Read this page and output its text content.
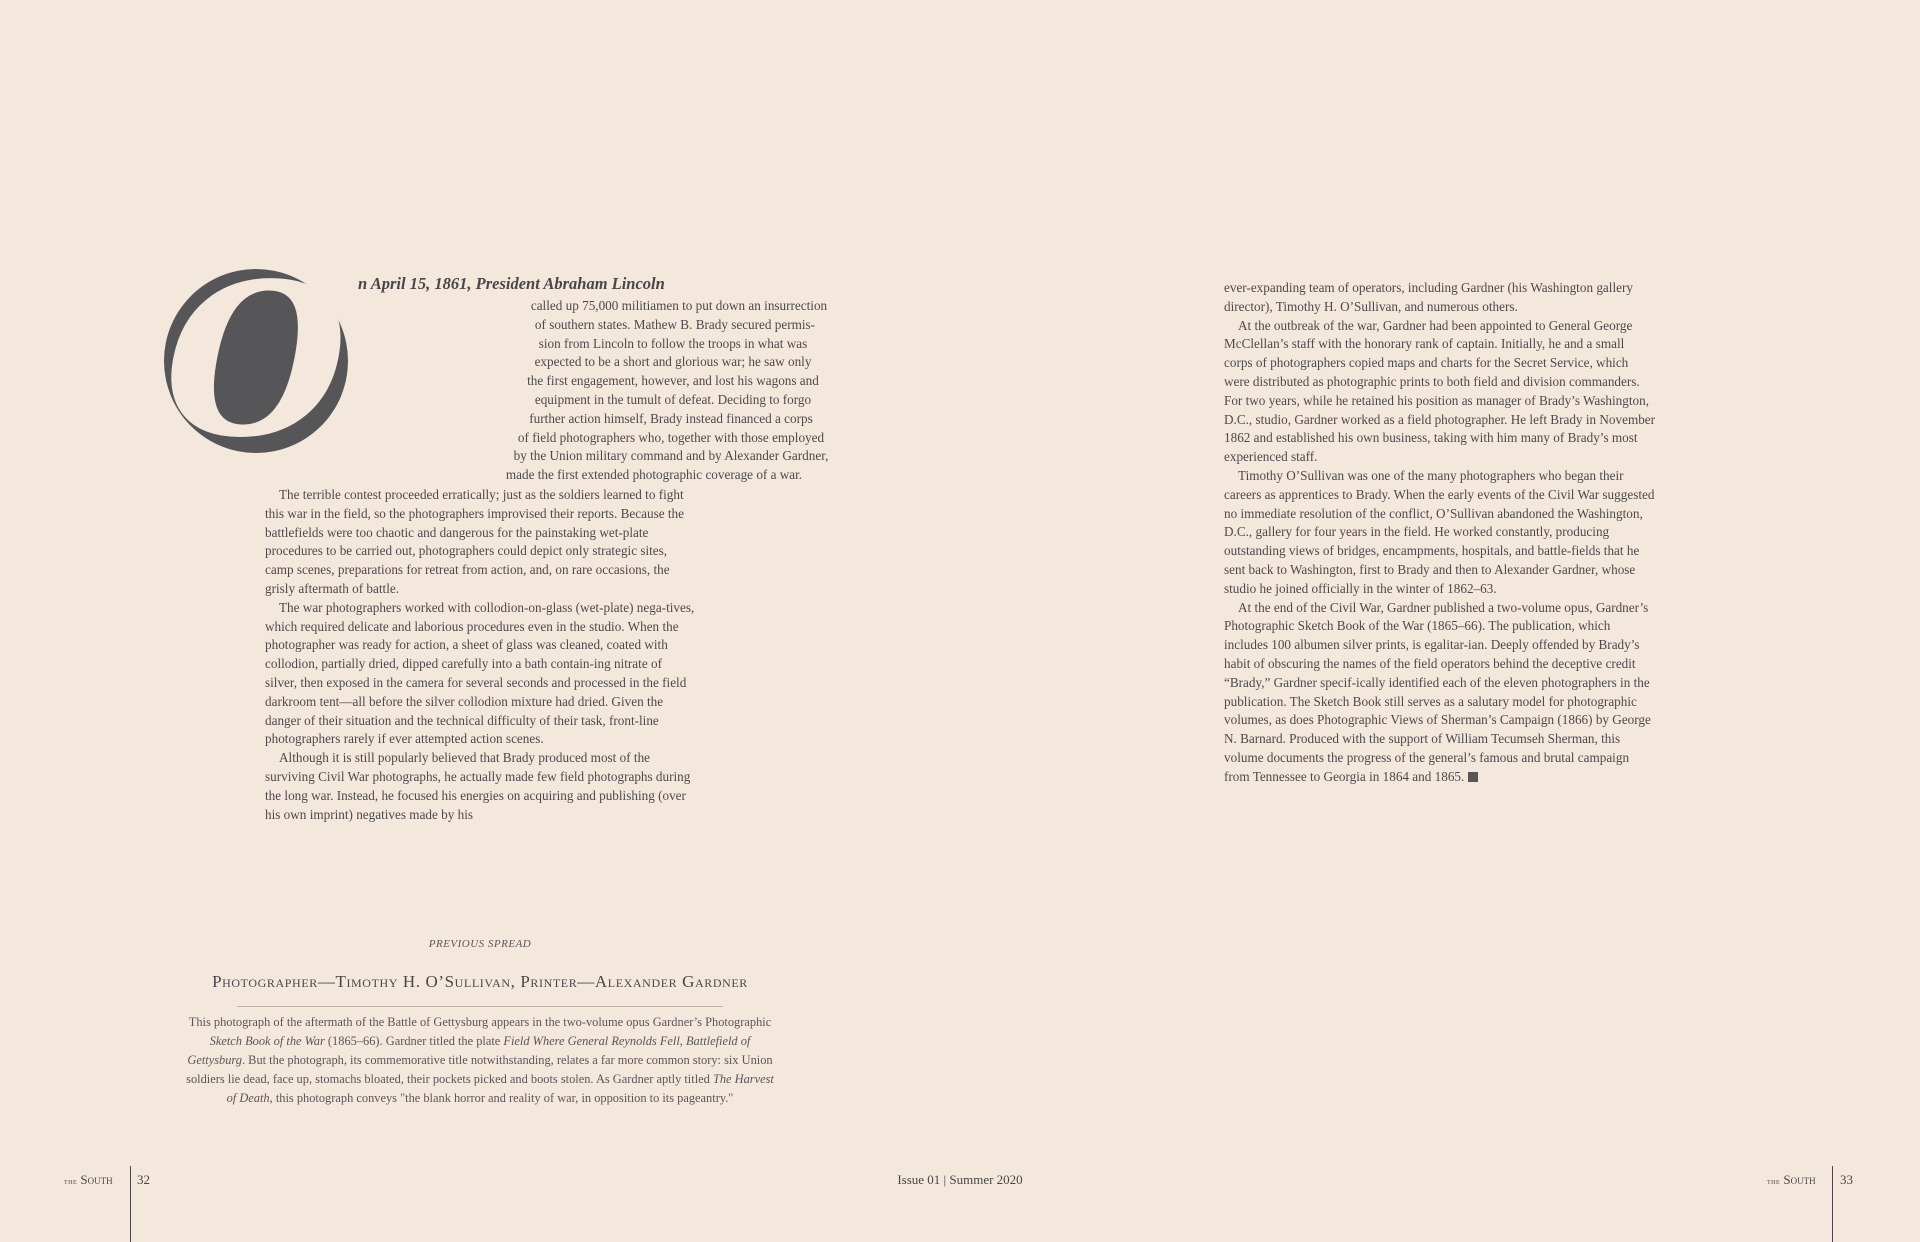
O n April 15, 1861, President Abraham Lincoln
called up 75,000 militiamen to put down an insurrection
of southern states. Mathew B. Brady secured permis-
sion from Lincoln to follow the troops in what was
expected to be a short and glorious war; he saw only
the first engagement, however, and lost his wagons and
equipment in the tumult of defeat. Deciding to forgo
further action himself, Brady instead financed a corps
of field photographers who, together with those employed
by the Union military command and by Alexander Gardner,
made the first extended photographic coverage of a war.

The terrible contest proceeded erratically; just as the soldiers learned to fight this war in the field, so the photographers improvised their reports. Because the battlefields were too chaotic and dangerous for the painstaking wet-plate procedures to be carried out, photographers could depict only strategic sites, camp scenes, preparations for retreat from action, and, on rare occasions, the grisly aftermath of battle.

The war photographers worked with collodion-on-glass (wet-plate) nega-tives, which required delicate and laborious procedures even in the studio. When the photographer was ready for action, a sheet of glass was cleaned, coated with collodion, partially dried, dipped carefully into a bath contain-ing nitrate of silver, then exposed in the camera for several seconds and processed in the field darkroom tent—all before the silver collodion mixture had dried. Given the danger of their situation and the technical difficulty of their task, front-line photographers rarely if ever attempted action scenes.

Although it is still popularly believed that Brady produced most of the surviving Civil War photographs, he actually made few field photographs during the long war. Instead, he focused his energies on acquiring and publishing (over his own imprint) negatives made by his

ever-expanding team of operators, including Gardner (his Washington gallery director), Timothy H. O’Sullivan, and numerous others.

At the outbreak of the war, Gardner had been appointed to General George McClellan’s staff with the honorary rank of captain. Initially, he and a small corps of photographers copied maps and charts for the Secret Service, which were distributed as photographic prints to both field and division commanders. For two years, while he retained his position as manager of Brady’s Washington, D.C., studio, Gardner worked as a field photographer. He left Brady in November 1862 and established his own business, taking with him many of Brady’s most experienced staff.

Timothy O’Sullivan was one of the many photographers who began their careers as apprentices to Brady. When the early events of the Civil War suggested no immediate resolution of the conflict, O’Sullivan abandoned the Washington, D.C., gallery for four years in the field. He worked constantly, producing outstanding views of bridges, encampments, hospitals, and battle-fields that he sent back to Washington, first to Brady and then to Alexander Gardner, whose studio he joined officially in the winter of 1862–63.

At the end of the Civil War, Gardner published a two-volume opus, Gardner’s Photographic Sketch Book of the War (1865–66). The publication, which includes 100 albumen silver prints, is egalitar-ian. Deeply offended by Brady’s habit of obscuring the names of the field operators behind the deceptive credit “Brady,” Gardner specif-ically identified each of the eleven photographers in the publication. The Sketch Book still serves as a salutary model for photographic volumes, as does Photographic Views of Sherman’s Campaign (1866) by George N. Barnard. Produced with the support of William Tecumseh Sherman, this volume documents the progress of the general’s famous and brutal campaign from Tennessee to Georgia in 1864 and 1865.

PREVIOUS SPREAD
Photographer—Timothy H. O’Sullivan, Printer—Alexander Gardner
This photograph of the aftermath of the Battle of Gettysburg appears in the two-volume opus Gardner’s Photographic Sketch Book of the War (1865–66). Gardner titled the plate Field Where General Reynolds Fell, Battlefield of Gettysburg. But the photograph, its commemorative title notwithstanding, relates a far more common story: six Union soldiers lie dead, face up, stomachs bloated, their pockets picked and boots stolen. As Gardner aptly titled The Harvest of Death, this photograph conveys "the blank horror and reality of war, in opposition to its pageantry."
the South 32	Issue 01 | Summer 2020	the South 33
